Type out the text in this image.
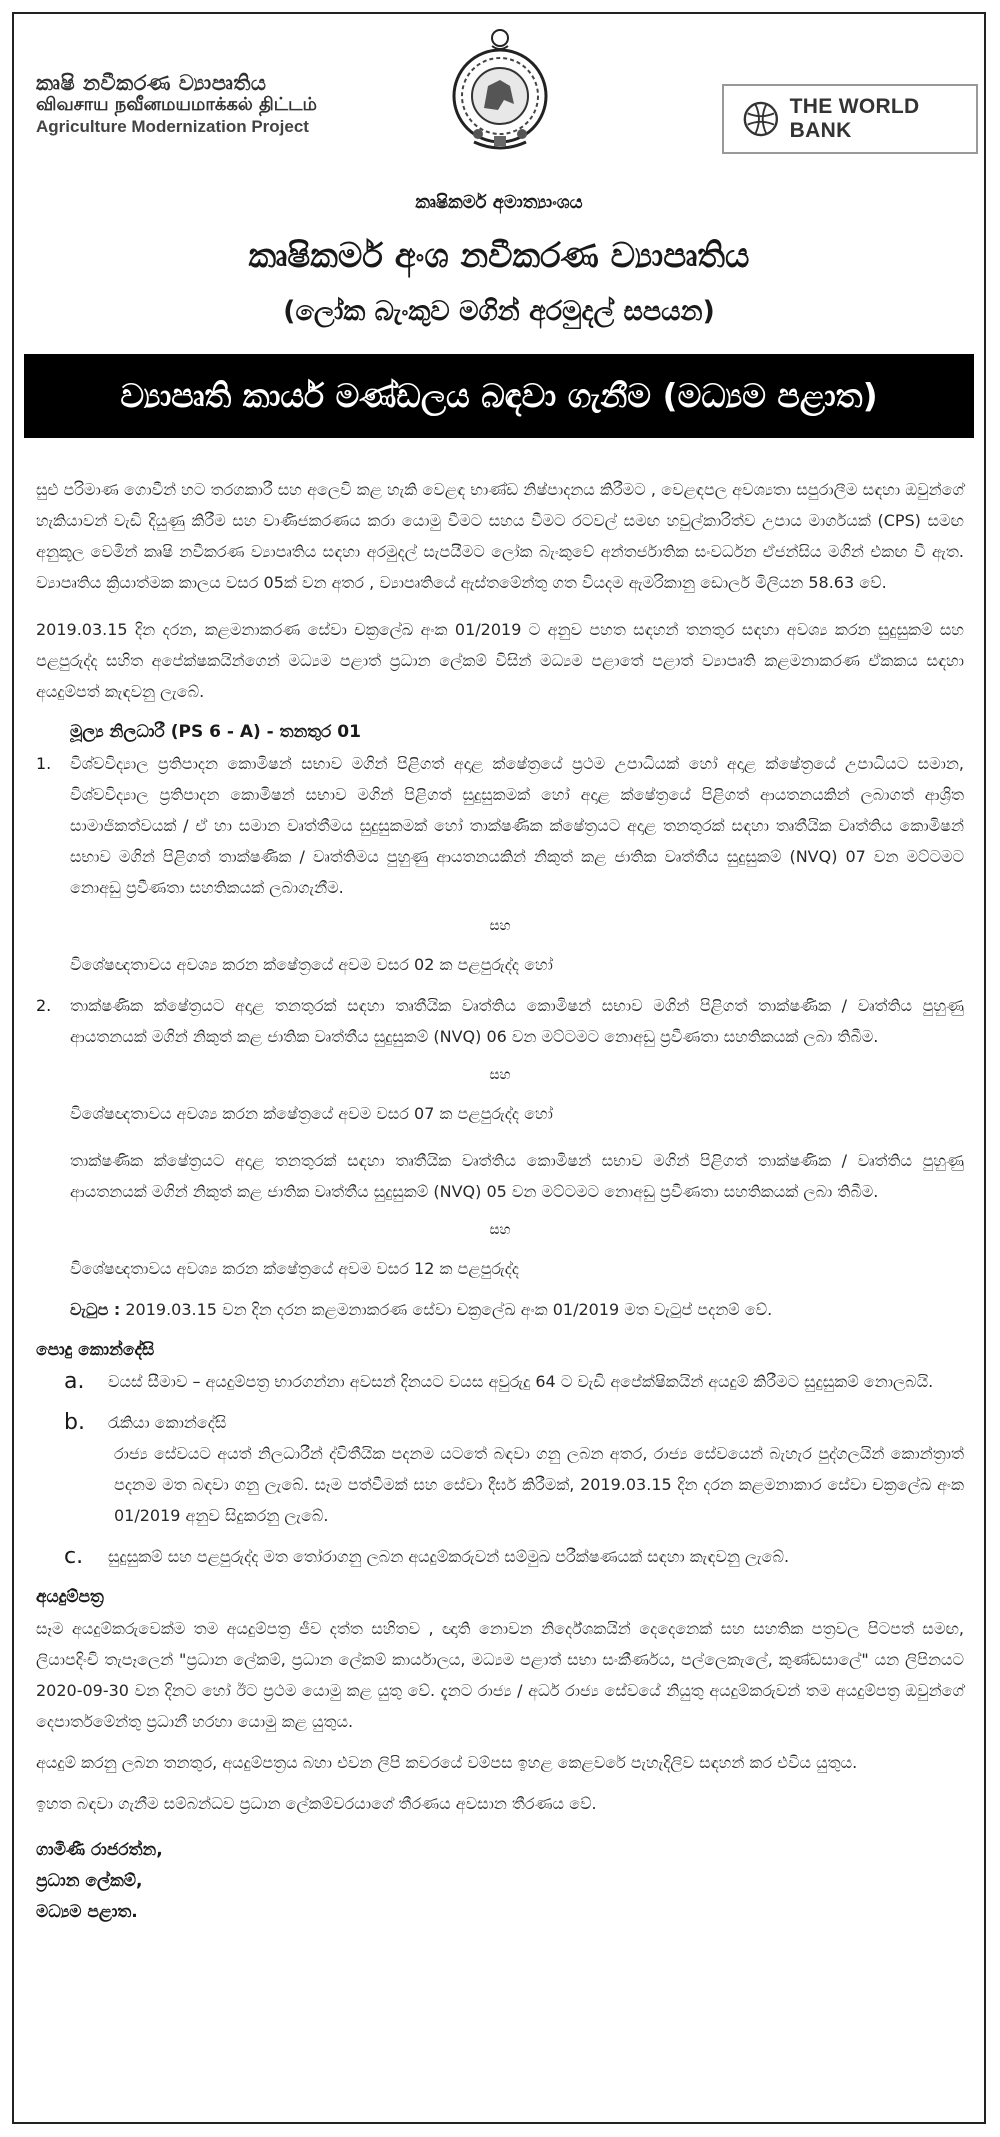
කෘෂි නවීකරණ ව්‍යාපෘතිය
விவசாய நவீனமயமாக்கல் திட்டம்
Agriculture Modernization Project
THE WORLD BANK
කෘෂිකර්ම අමාත්‍යාංශය
කෘෂිකර්ම අංශ නවීකරණ ව්‍යාපෘතිය
(ලෝක බැංකුව මගින් අරමුදල් සපයන)
ව්‍යාපෘති කාර්ය මණ්ඩලය බඳවා ගැනීම (මධ්‍යම පළාත)

සුළු පරිමාණ ගොවීන් හට තරගකාරී සහ අලෙවි කළ හැකි වෙළඳ භාණ්ඩ නිෂ්පාදනය කිරීමට , වෙළඳපල අවශ්‍යතා සපුරාලීම සඳහා ඔවුන්ගේ හැකියාවන් වැඩි දියුණු කිරීම සහ වාණිජකරණය කරා යොමු වීමට සහය වීමට රටවල් සමඟ හවුල්කාරිත්ව උපාය මාර්ගයක් (CPS) සමඟ අනුකූල වෙමින් කෘෂි නවීකරණ ව්‍යාපෘතිය සඳහා අරමුදල් සැපයීමට ලෝක බැංකුවේ අන්තර්ජාතික සංවර්ධන ඒජන්සිය මගින් එකඟ වී ඇත. ව්‍යාපෘතිය ක්‍රියාත්මක කාලය වසර 05ක් වන අතර , ව්‍යාපෘතියේ ඇස්තමේන්තු ගත වියදම ඇමරිකානු ඩොලර් මිලියන 58.63 වේ.

2019.03.15 දින දරන, කළමනාකරණ සේවා චක්‍රලේඛ අංක 01/2019 ට අනුව පහත සඳහන් තනතුර සඳහා අවශ්‍ය කරන සුදුසුකම් සහ පළපුරුද්ද සහිත අපේක්ෂකයින්ගෙන් මධ්‍යම පළාත් ප්‍රධාන ලේකම් විසින් මධ්‍යම පළාතේ පළාත් ව්‍යාපෘති කළමනාකරණ ඒකකය සඳහා අයදුම්පත් කැඳවනු ලැබේ.

මූල්‍ය නිලධාරී (PS 6 - A) - තනතුර 01
1.	විශ්වවිද්‍යාල ප්‍රතිපාදන කොමිෂන් සභාව මගින් පිළිගත් අදාළ ක්ෂේත්‍රයේ ප්‍රථම උපාධියක් හෝ අදාළ ක්ෂේත්‍රයේ උපාධියට සමාන, විශ්වවිද්‍යාල ප්‍රතිපාදන කොමිෂන් සභාව මගින් පිළිගත් සුදුසුකමක් හෝ අදාළ ක්ෂේත්‍රයේ පිළිගත් ආයතනයකින් ලබාගත් ආශ්‍රිත සාමාජිකත්වයක් / ඒ හා සමාන වෘත්තීමය සුදුසුකමක් හෝ තාක්ෂණික ක්ෂේත්‍රයට අදාළ තනතුරක් සඳහා තෘතීයික වෘත්තිය කොමිෂන් සභාව මගින් පිළිගත් තාක්ෂණික / වෘත්තිමය පුහුණු ආයතනයකින් නිකුත් කළ ජාතික වෘත්තීය සුදුසුකම් (NVQ) 07 වන මට්ටමට නොඅඩු ප්‍රවීණතා සහතිකයක් ලබාගැනීම.

සහ

විශේෂඥතාවය අවශ්‍ය කරන ක්ෂේත්‍රයේ අවම වසර 02 ක පළපුරුද්ද හෝ

2.	තාක්ෂණික ක්ෂේත්‍රයට අදාළ තනතුරක් සඳහා තෘතීයික වෘත්තිය කොමිෂන් සභාව මගින් පිළිගත් තාක්ෂණික / වෘත්තිය පුහුණු ආයතනයක් මගින් නිකුත් කළ ජාතික වෘත්තීය සුදුසුකම් (NVQ) 06 වන මට්ටමට නොඅඩු ප්‍රවීණතා සහතිකයක් ලබා තිබීම.

සහ

විශේෂඥතාවය අවශ්‍ය කරන ක්ෂේත්‍රයේ අවම වසර 07 ක පළපුරුද්ද හෝ

තාක්ෂණික ක්ෂේත්‍රයට අදාළ තනතුරක් සඳහා තෘතීයික වෘත්තිය කොමිෂන් සභාව මගින් පිළිගත් තාක්ෂණික / වෘත්තිය පුහුණු ආයතනයක් මගින් නිකුත් කළ ජාතික වෘත්තීය සුදුසුකම් (NVQ) 05 වන මට්ටමට නොඅඩු ප්‍රවීණතා සහතිකයක් ලබා තිබීම.

සහ

විශේෂඥතාවය අවශ්‍ය කරන ක්ෂේත්‍රයේ අවම වසර 12 ක පළපුරුද්ද

වැටුප : 2019.03.15 වන දින දරන කළමනාකරණ සේවා චක්‍රලේඛ අංක 01/2019 මත වැටුප් පදනම් වේ.

පොදු කොන්දේසි
a.	වයස් සීමාව – අයදුම්පත්‍ර භාරගන්නා අවසන් දිනයට වයස අවුරුදු 64 ට වැඩි අපේක්ෂිකයින් අයදුම් කිරීමට සුදුසුකම් නොලබයි.

b.	රැකියා කොන්දේසි

රාජ්‍ය සේවයට අයත් නිලධාරීන් ද්විතීයික පදනම යටතේ බඳවා ගනු ලබන අතර, රාජ්‍ය සේවයෙන් බැහැර පුද්ගලයින් කොන්ත්‍රාත් පදනම මත බඳවා ගනු ලැබේ. සෑම පත්වීමක් සහ සේවා දීර්ඝ කිරීමක්, 2019.03.15 දින දරන කළමනාකාර සේවා චක්‍රලේඛ අංක 01/2019 අනුව සිදුකරනු ලැබේ.

c.	සුදුසුකම් සහ පළපුරුද්ද මත තෝරාගනු ලබන අයදුම්කරුවන් සම්මුඛ පරීක්ෂණයක් සඳහා කැඳවනු ලැබේ.

අයදුම්පත්‍ර

සෑම අයදුම්කරුවෙක්ම තම අයදුම්පත්‍ර ජීව දත්ත සහිතව , ඥාති නොවන නිර්දේශකයින් දෙදෙනෙක් සහ සහතික පත්‍රවල පිටපත් සමඟ, ලියාපදිංචි තැපෑලෙන් "ප්‍රධාන ලේකම්, ප්‍රධාන ලේකම් කාර්යාලය, මධ්‍යම පළාත් සභා සංකීර්ණය, පල්ලෙකැලේ, කුණ්ඩසාලේ" යන ලිපිනයට 2020-09-30 වන දිනට හෝ ඊට ප්‍රථම යොමු කළ යුතු වේ. දැනට රාජ්‍ය / අර්ධ රාජ්‍ය සේවයේ නියුතු අයදුම්කරුවන් තම අයදුම්පත්‍ර ඔවුන්ගේ දෙපාර්තමේන්තු ප්‍රධානී හරහා යොමු කළ යුතුය.

අයදුම් කරනු ලබන තනතුර, අයදුම්පත්‍රය බහා එවන ලිපි කවරයේ වම්පස ඉහළ කෙළවරේ පැහැදිලිව සඳහන් කර එවිය යුතුය.

ඉහත බඳවා ගැනීම සම්බන්ධව ප්‍රධාන ලේකම්වරයාගේ තීරණය අවසාන තීරණය වේ.

ගාමිණී රාජරත්න,
ප්‍රධාන ලේකම්,
මධ්‍යම පළාත.
